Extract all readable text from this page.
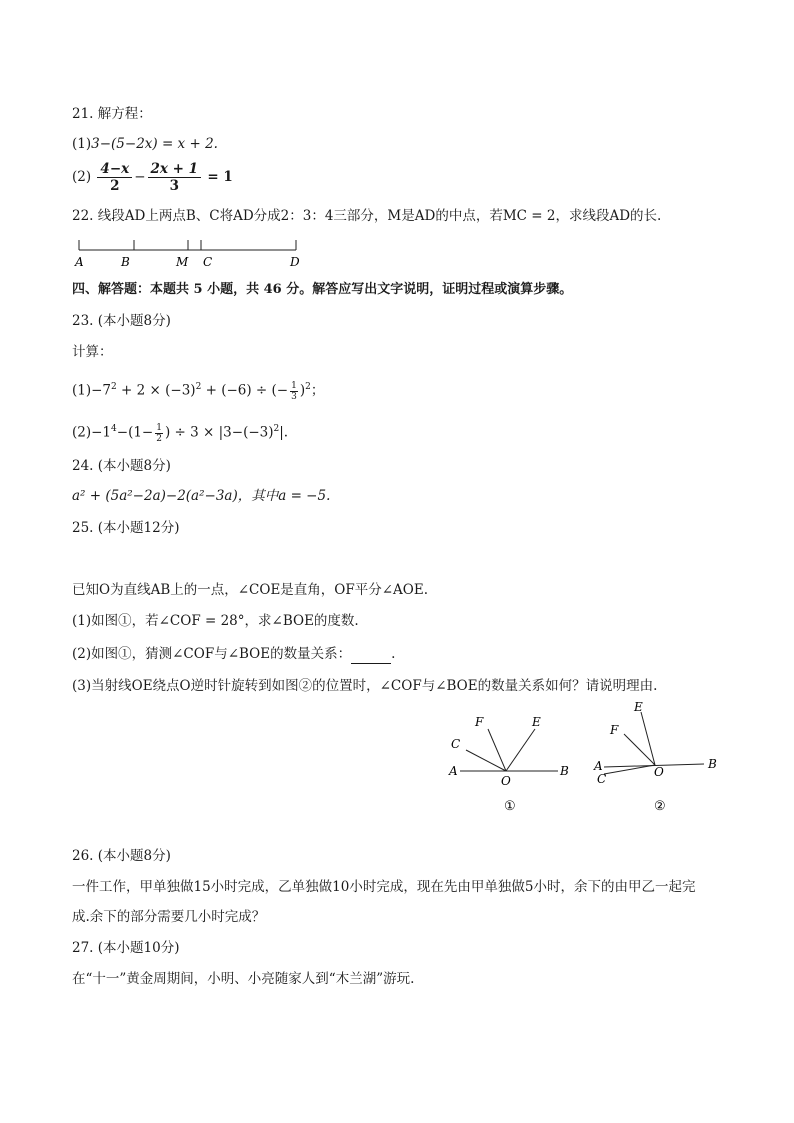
21. 解方程：
(1)3−(5−2x) = x + 2.
$(2) \frac{4-x}{2} - \frac{2x + 1}{3} = 1$
22. 线段AD上两点B、C将AD分成2：3：4三部分，M是AD的中点，若MC = 2，求线段AD的长.
A	B	M C	D
四、解答题：本题共 5 小题，共 46 分。解答应写出文字说明，证明过程或演算步骤。
23. (本小题8分)
计算：
$(1)-7^2 + 2 \times (-3)^2 + (-6)$ ÷ (− $\frac{1}{3} )^2$；
$(2)-1^4-(1- \frac{1}{2}$ ) ÷ $3 \times |3-(-3)^2|$.
24. (本小题8分)
a² + (5a²−2a)−2(a²−3a)，其中a = −5.
25. (本小题12分)
已知O为直线AB上的一点，∠COE是直角，OF平分∠AOE.
(1)如图①，若∠COF = 28°，求∠BOE的度数.
(2)如图①，猜测∠COF与∠BOE的数量关系：	.
(3)当射线OE绕点O逆时针旋转到如图②的位置时，∠COF与∠BOE的数量关系如何？请说明理由.
F	E
C
A
O
B
①
E
F
A
C	O
B
②
26. (本小题8分)
一件工作，甲单独做15小时完成，乙单独做10小时完成，现在先由甲单独做5小时，余下的由甲乙一起完
成.余下的部分需要几小时完成？
27. (本小题10分)
在“十一”黄金周期间，小明、小亮随家人到“木兰湖”游玩.
